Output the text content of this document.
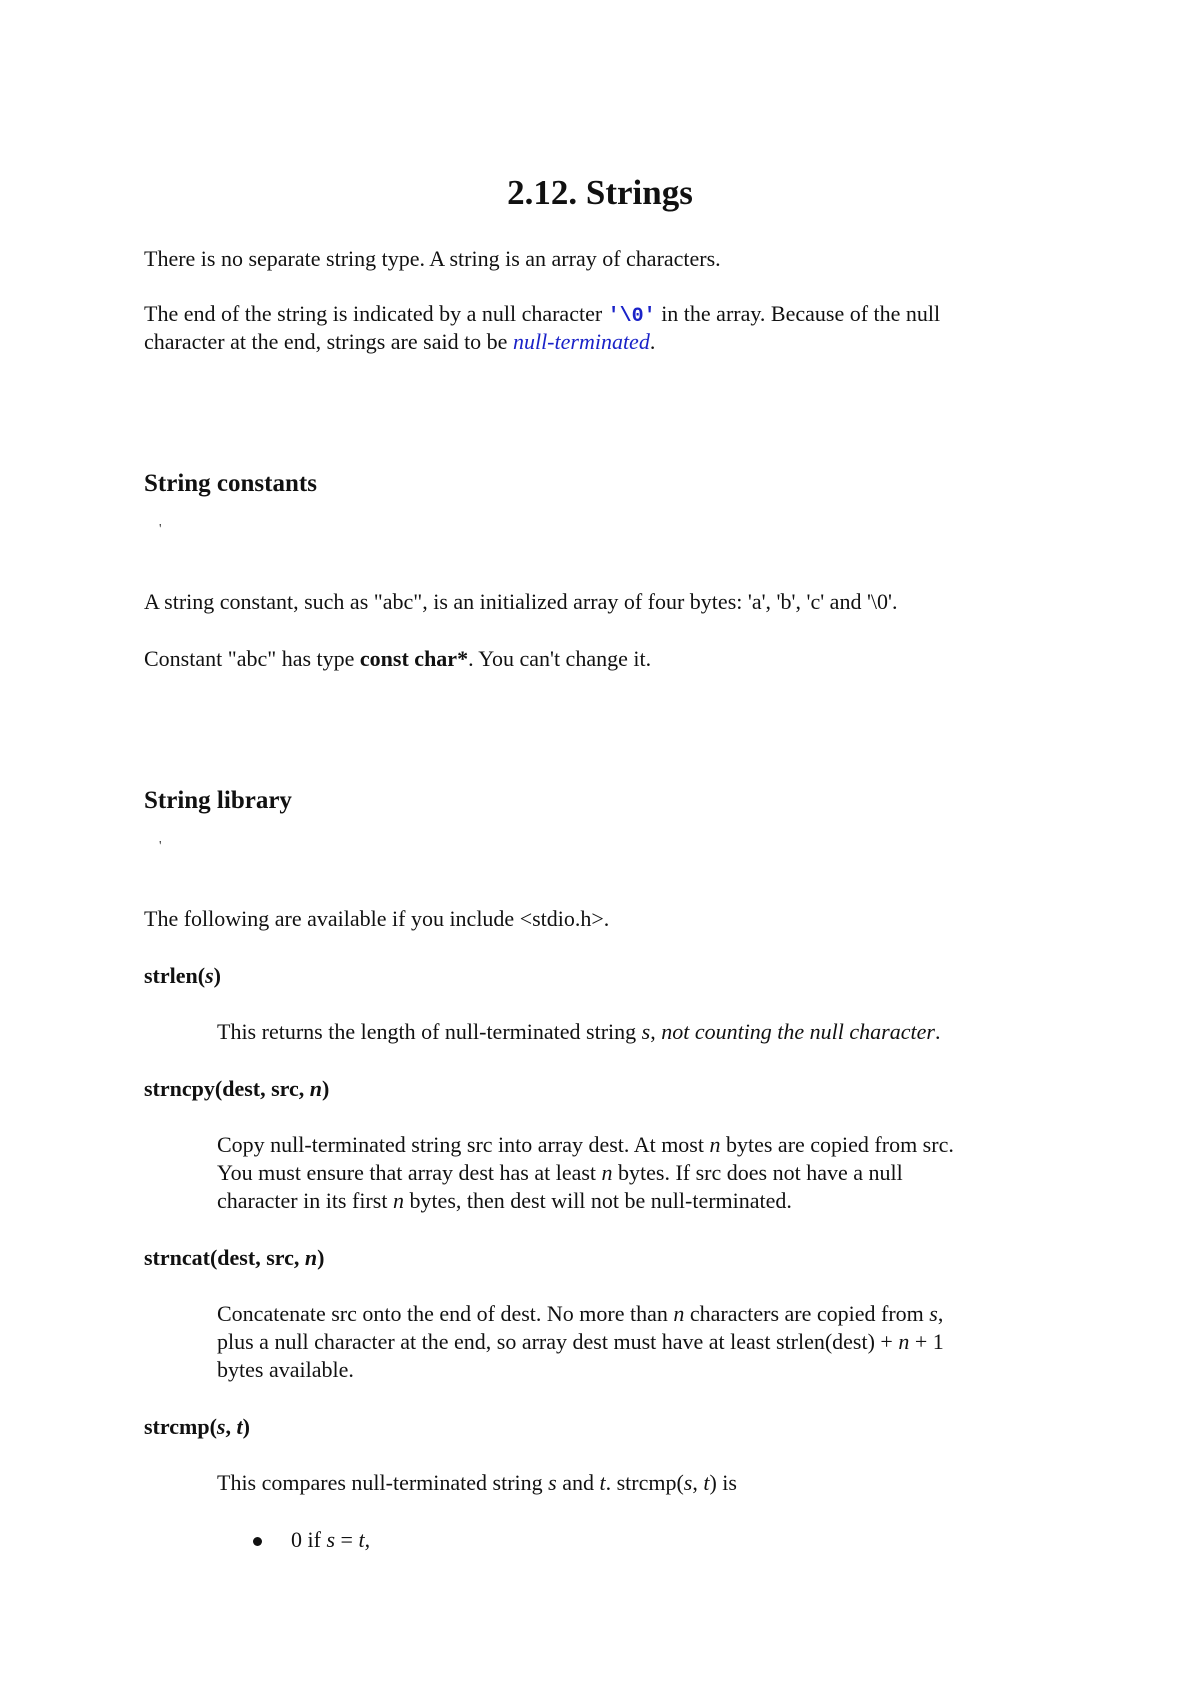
2.12. Strings
There is no separate string type. A string is an array of characters.
The end of the string is indicated by a null character '\0' in the array. Because of the null
character at the end, strings are said to be null-terminated.
String constants
'
A string constant, such as "abc", is an initialized array of four bytes: 'a', 'b', 'c' and '\0'.
Constant "abc" has type const char*. You can't change it.
String library
'
The following are available if you include <stdio.h>.
strlen(s)
This returns the length of null-terminated string s, not counting the null character.
strncpy(dest, src, n)
Copy null-terminated string src into array dest. At most n bytes are copied from src.
You must ensure that array dest has at least n bytes. If src does not have a null
character in its first n bytes, then dest will not be null-terminated.
strncat(dest, src, n)
Concatenate src onto the end of dest. No more than n characters are copied from s,
plus a null character at the end, so array dest must have at least strlen(dest) + n + 1
bytes available.
strcmp(s, t)
This compares null-terminated string s and t. strcmp(s, t) is
0 if s = t,
